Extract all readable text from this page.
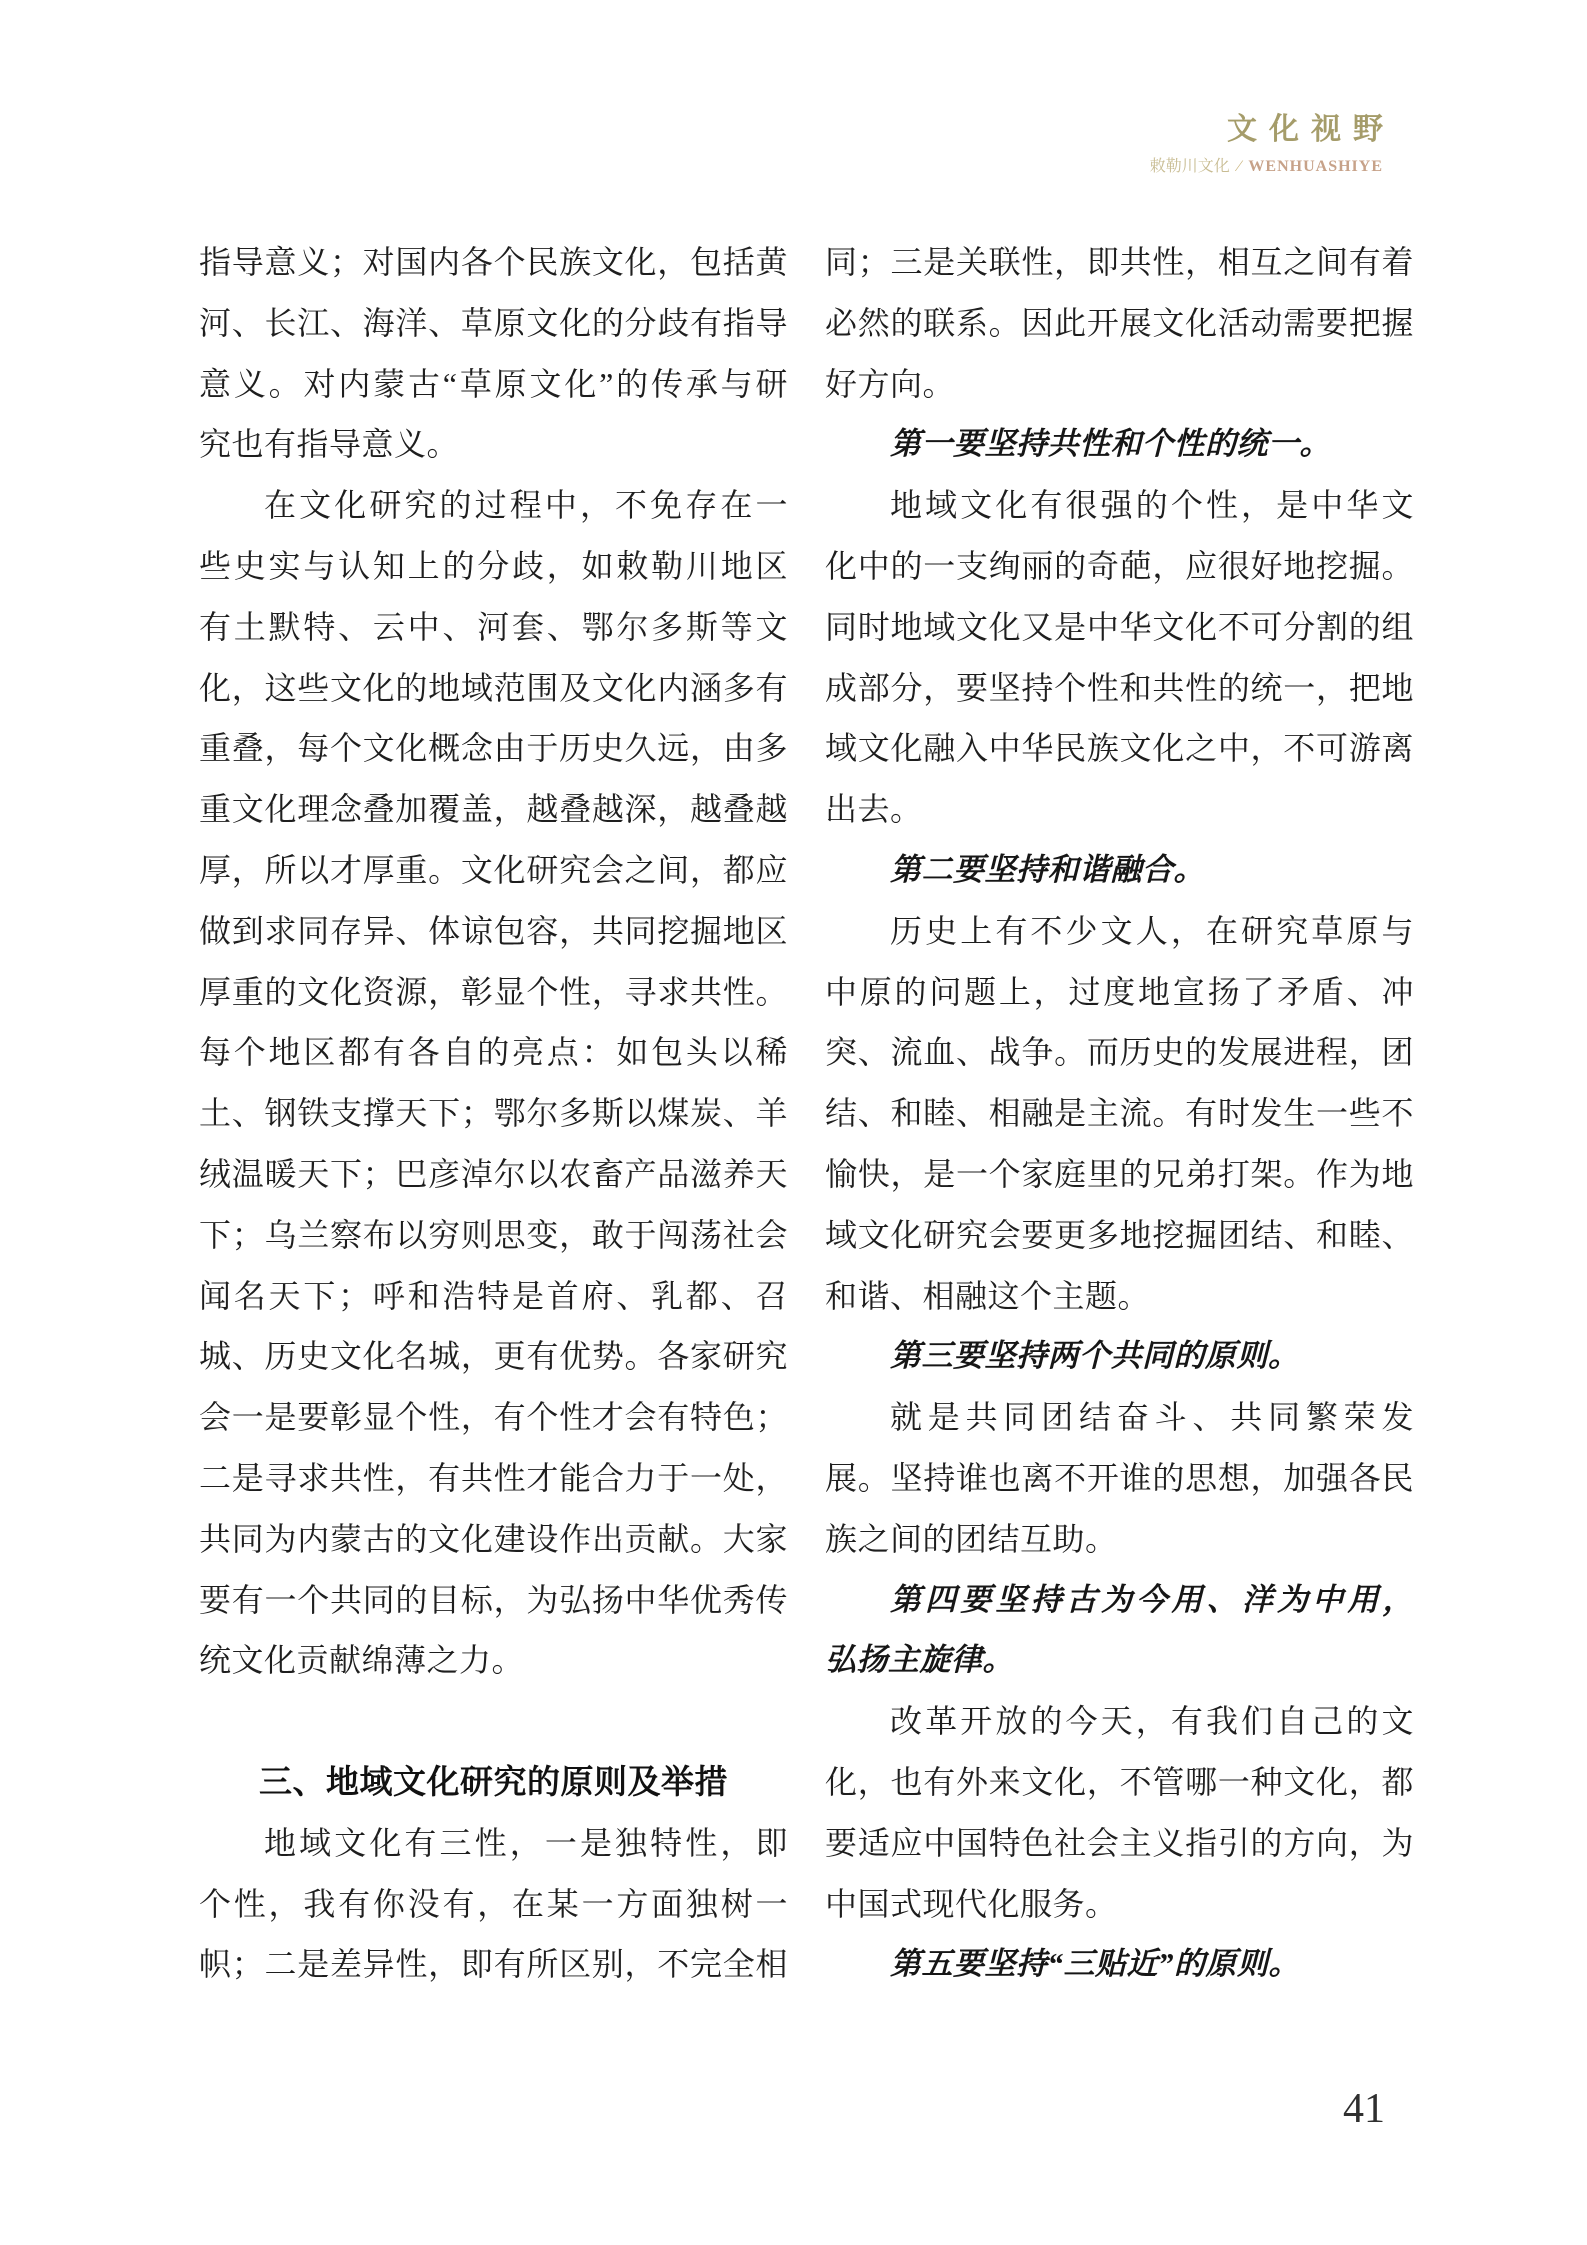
文化视野
敕勒川文化 ∕ WENHUASHIYE
指导意义；对国内各个民族文化，包括黄
河、长江、海洋、草原文化的分歧有指导
意义。对内蒙古“草原文化”的传承与研
究也有指导意义。
在文化研究的过程中，不免存在一
些史实与认知上的分歧，如敕勒川地区
有土默特、云中、河套、鄂尔多斯等文
化，这些文化的地域范围及文化内涵多有
重叠，每个文化概念由于历史久远，由多
重文化理念叠加覆盖，越叠越深，越叠越
厚，所以才厚重。文化研究会之间，都应
做到求同存异、体谅包容，共同挖掘地区
厚重的文化资源，彰显个性，寻求共性。
每个地区都有各自的亮点：如包头以稀
土、钢铁支撑天下；鄂尔多斯以煤炭、羊
绒温暖天下；巴彦淖尔以农畜产品滋养天
下；乌兰察布以穷则思变，敢于闯荡社会
闻名天下；呼和浩特是首府、乳都、召
城、历史文化名城，更有优势。各家研究
会一是要彰显个性，有个性才会有特色；
二是寻求共性，有共性才能合力于一处，
共同为内蒙古的文化建设作出贡献。大家
要有一个共同的目标，为弘扬中华优秀传
统文化贡献绵薄之力。
三、地域文化研究的原则及举措
地域文化有三性，一是独特性，即
个性，我有你没有，在某一方面独树一
帜；二是差异性，即有所区别，不完全相
同；三是关联性，即共性，相互之间有着
必然的联系。因此开展文化活动需要把握
好方向。
第一要坚持共性和个性的统一。
地域文化有很强的个性，是中华文
化中的一支绚丽的奇葩，应很好地挖掘。
同时地域文化又是中华文化不可分割的组
成部分，要坚持个性和共性的统一，把地
域文化融入中华民族文化之中，不可游离
出去。
第二要坚持和谐融合。
历史上有不少文人，在研究草原与
中原的问题上，过度地宣扬了矛盾、冲
突、流血、战争。而历史的发展进程，团
结、和睦、相融是主流。有时发生一些不
愉快，是一个家庭里的兄弟打架。作为地
域文化研究会要更多地挖掘团结、和睦、
和谐、相融这个主题。
第三要坚持两个共同的原则。
就是共同团结奋斗、共同繁荣发
展。坚持谁也离不开谁的思想，加强各民
族之间的团结互助。
第四要坚持古为今用、洋为中用，
弘扬主旋律。
改革开放的今天，有我们自己的文
化，也有外来文化，不管哪一种文化，都
要适应中国特色社会主义指引的方向，为
中国式现代化服务。
第五要坚持“三贴近”的原则。
41
